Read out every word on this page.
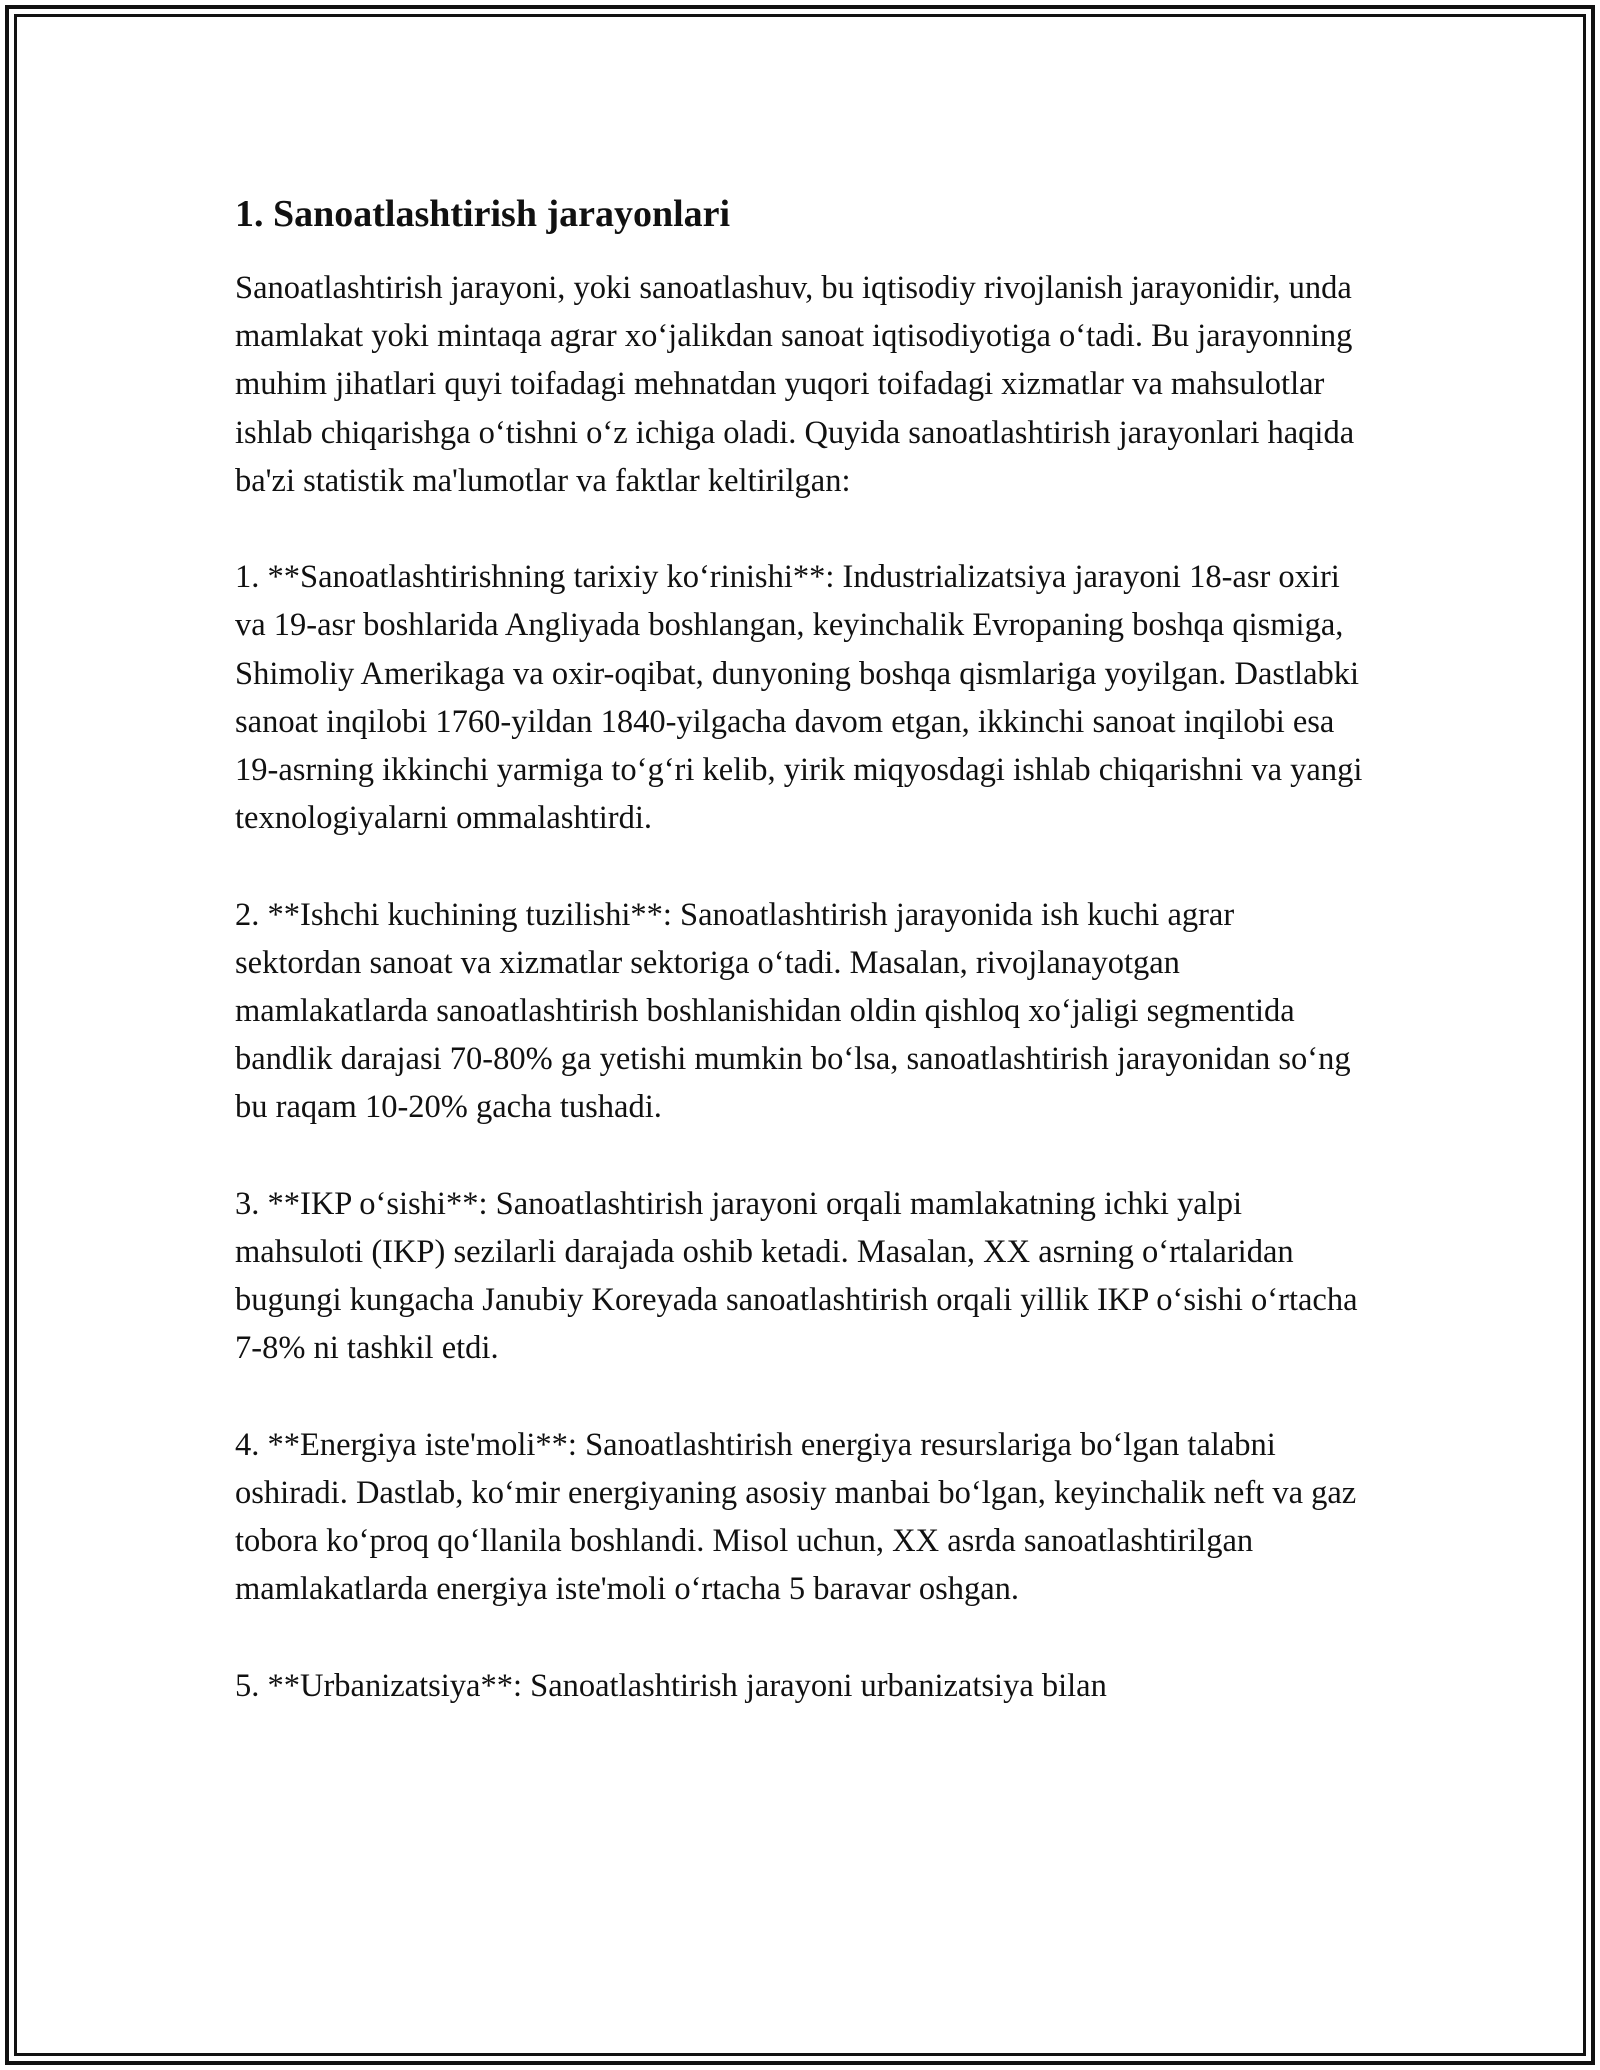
1. Sanoatlashtirish jarayonlari

Sanoatlashtirish jarayoni, yoki sanoatlashuv, bu iqtisodiy rivojlanish jarayonidir, unda mamlakat yoki mintaqa agrar xo‘jalikdan sanoat iqtisodiyotiga o‘tadi. Bu jarayonning muhim jihatlari quyi toifadagi mehnatdan yuqori toifadagi xizmatlar va mahsulotlar ishlab chiqarishga o‘tishni o‘z ichiga oladi. Quyida sanoatlashtirish jarayonlari haqida ba'zi statistik ma'lumotlar va faktlar keltirilgan:

1. **Sanoatlashtirishning tarixiy ko‘rinishi**: Industrializatsiya jarayoni 18-asr oxiri va 19-asr boshlarida Angliyada boshlangan, keyinchalik Evropaning boshqa qismiga, Shimoliy Amerikaga va oxir-oqibat, dunyoning boshqa qismlariga yoyilgan. Dastlabki sanoat inqilobi 1760-yildan 1840-yilgacha davom etgan, ikkinchi sanoat inqilobi esa 19-asrning ikkinchi yarmiga to‘g‘ri kelib, yirik miqyosdagi ishlab chiqarishni va yangi texnologiyalarni ommalashtirdi.

2. **Ishchi kuchining tuzilishi**: Sanoatlashtirish jarayonida ish kuchi agrar sektordan sanoat va xizmatlar sektoriga o‘tadi. Masalan, rivojlanayotgan mamlakatlarda sanoatlashtirish boshlanishidan oldin qishloq xo‘jaligi segmentida bandlik darajasi 70-80% ga yetishi mumkin bo‘lsa, sanoatlashtirish jarayonidan so‘ng bu raqam 10-20% gacha tushadi.

3. **IKP o‘sishi**: Sanoatlashtirish jarayoni orqali mamlakatning ichki yalpi mahsuloti (IKP) sezilarli darajada oshib ketadi. Masalan, XX asrning o‘rtalaridan bugungi kungacha Janubiy Koreyada sanoatlashtirish orqali yillik IKP o‘sishi o‘rtacha 7-8% ni tashkil etdi.

4. **Energiya iste'moli**: Sanoatlashtirish energiya resurslariga bo‘lgan talabni oshiradi. Dastlab, ko‘mir energiyaning asosiy manbai bo‘lgan, keyinchalik neft va gaz tobora ko‘proq qo‘llanila boshlandi. Misol uchun, XX asrda sanoatlashtirilgan mamlakatlarda energiya iste'moli o‘rtacha 5 baravar oshgan.

5. **Urbanizatsiya**: Sanoatlashtirish jarayoni urbanizatsiya bilan
